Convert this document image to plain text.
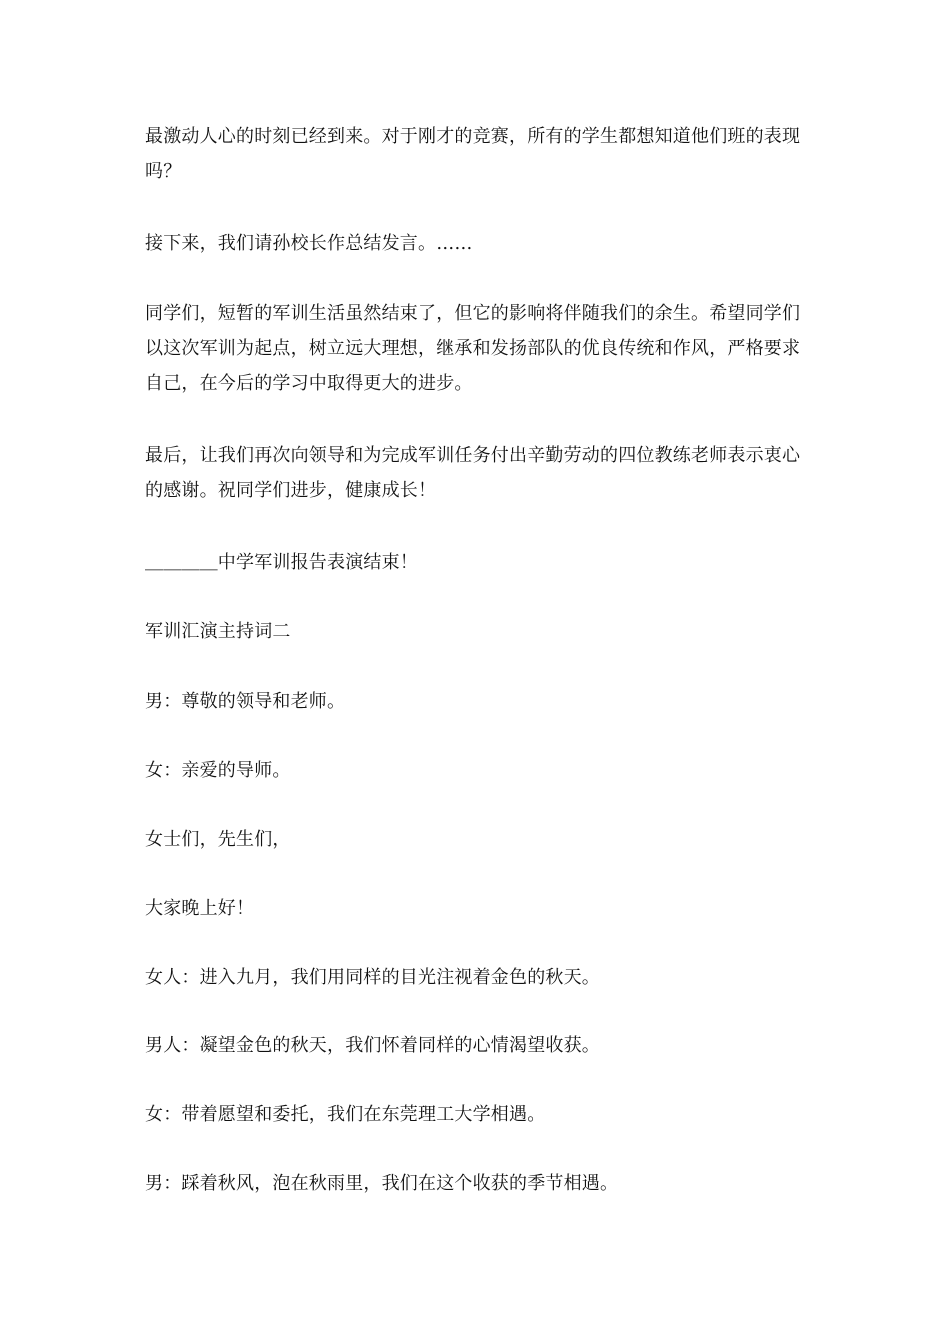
最激动人心的时刻已经到来。对于刚才的竞赛，所有的学生都想知道他们班的表现吗？

接下来，我们请孙校长作总结发言。……

同学们，短暂的军训生活虽然结束了，但它的影响将伴随我们的余生。希望同学们以这次军训为起点，树立远大理想，继承和发扬部队的优良传统和作风，严格要求自己，在今后的学习中取得更大的进步。

最后，让我们再次向领导和为完成军训任务付出辛勤劳动的四位教练老师表示衷心的感谢。祝同学们进步，健康成长！

＿＿＿＿中学军训报告表演结束！

军训汇演主持词二

男：尊敬的领导和老师。

女：亲爱的导师。

女士们，先生们，

大家晚上好！

女人：进入九月，我们用同样的目光注视着金色的秋天。

男人：凝望金色的秋天，我们怀着同样的心情渴望收获。

女：带着愿望和委托，我们在东莞理工大学相遇。

男：踩着秋风，泡在秋雨里，我们在这个收获的季节相遇。
